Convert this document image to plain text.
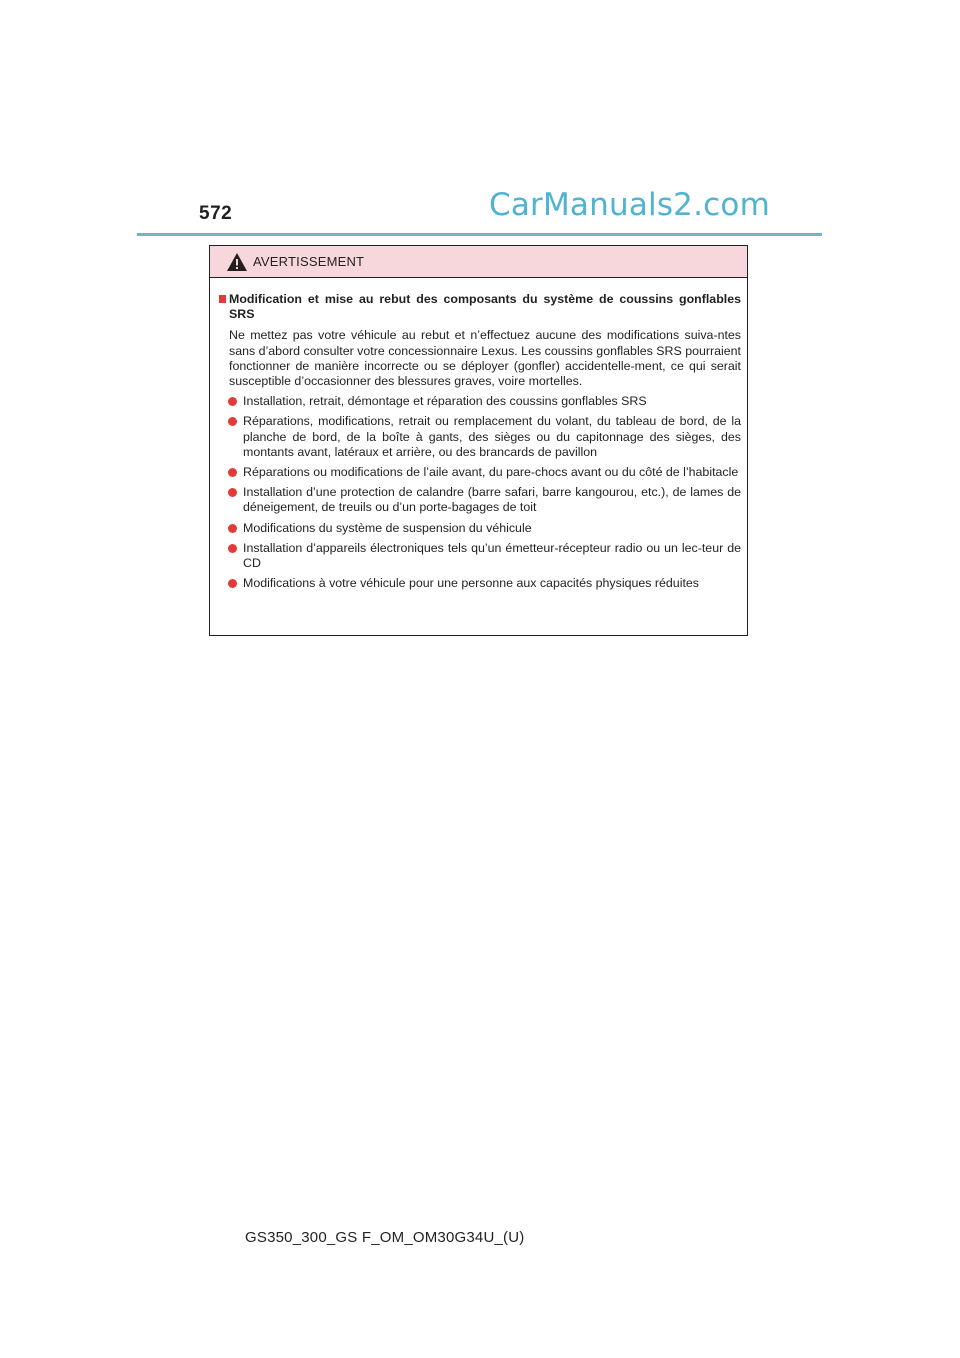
572	CarManuals2.com
AVERTISSEMENT
Modification et mise au rebut des composants du système de coussins gonflables SRS
Ne mettez pas votre véhicule au rebut et n’effectuez aucune des modifications suiva-ntes sans d’abord consulter votre concessionnaire Lexus. Les coussins gonflables SRS pourraient fonctionner de manière incorrecte ou se déployer (gonfler) accidentelle-ment, ce qui serait susceptible d’occasionner des blessures graves, voire mortelles.
Installation, retrait, démontage et réparation des coussins gonflables SRS
Réparations, modifications, retrait ou remplacement du volant, du tableau de bord, de la planche de bord, de la boîte à gants, des sièges ou du capitonnage des sièges, des montants avant, latéraux et arrière, ou des brancards de pavillon
Réparations ou modifications de l’aile avant, du pare-chocs avant ou du côté de l’habitacle
Installation d’une protection de calandre (barre safari, barre kangourou, etc.), de lames de déneigement, de treuils ou d’un porte-bagages de toit
Modifications du système de suspension du véhicule
Installation d’appareils électroniques tels qu’un émetteur-récepteur radio ou un lec-teur de CD
Modifications à votre véhicule pour une personne aux capacités physiques réduites
GS350_300_GS F_OM_OM30G34U_(U)
